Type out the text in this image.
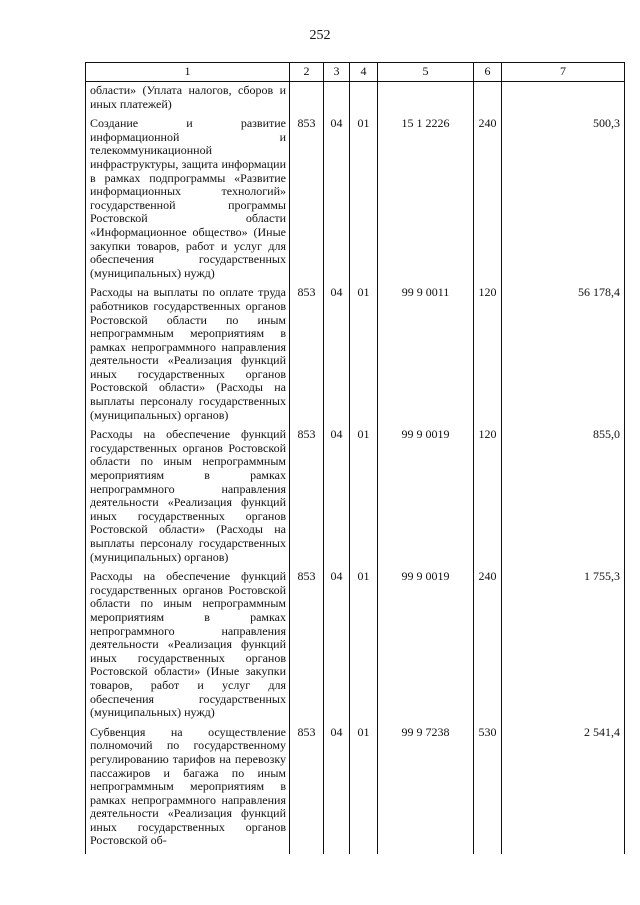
252
1	2	3	4	5	6	7
области» (Уплата налогов, сборов и иных платежей)						
Создание и развитие информационной и телекоммуникационной инфраструктуры, защита информации в рамках подпрограммы «Развитие информационных технологий» государственной программы Ростовской области «Информационное общество» (Иные закупки товаров, работ и услуг для обеспечения государственных (муниципальных) нужд)	853	04	01	15 1 2226	240	500,3
Расходы на выплаты по оплате труда работников государственных органов Ростовской области по иным непрограммным мероприятиям в рамках непрограммного направления деятельности «Реализация функций иных государственных органов Ростовской области» (Расходы на выплаты персоналу государственных (муниципальных) органов)	853	04	01	99 9 0011	120	56 178,4
Расходы на обеспечение функций государственных органов Ростовской области по иным непрограммным мероприятиям в рамках непрограммного направления деятельности «Реализация функций иных государственных органов Ростовской области» (Расходы на выплаты персоналу государственных (муниципальных) органов)	853	04	01	99 9 0019	120	855,0
Расходы на обеспечение функций государственных органов Ростовской области по иным непрограммным мероприятиям в рамках непрограммного направления деятельности «Реализация функций иных государственных органов Ростовской области» (Иные закупки товаров, работ и услуг для обеспечения государственных (муниципальных) нужд)	853	04	01	99 9 0019	240	1 755,3
Субвенция на осуществление полномочий по государственному регулированию тарифов на перевозку пассажиров и багажа по иным непрограммным мероприятиям в рамках непрограммного направления деятельности «Реализация функций иных государственных органов Ростовской об-	853	04	01	99 9 7238	530	2 541,4
